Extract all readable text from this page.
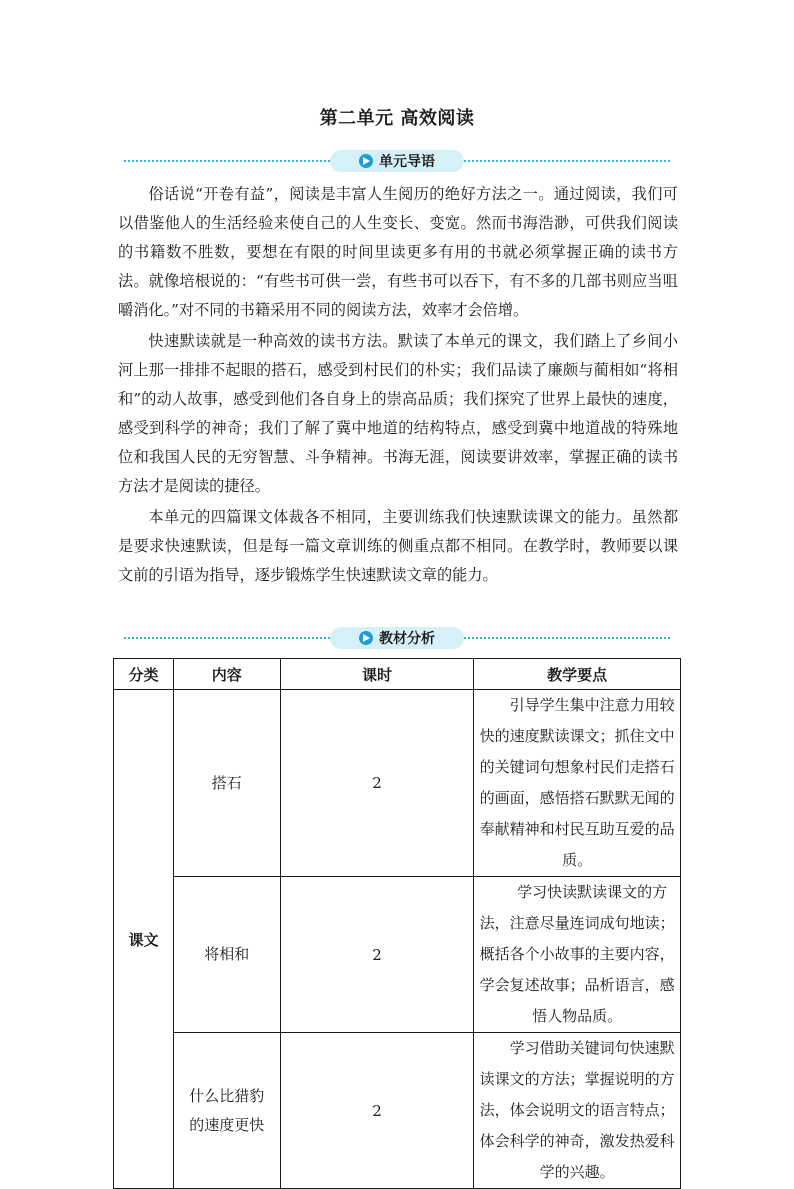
第二单元 高效阅读
单元导语

俗话说“开卷有益”，阅读是丰富人生阅历的绝好方法之一。通过阅读，我们可以借鉴他人的生活经验来使自己的人生变长、变宽。然而书海浩渺，可供我们阅读的书籍数不胜数，要想在有限的时间里读更多有用的书就必须掌握正确的读书方法。就像培根说的：“有些书可供一尝，有些书可以吞下，有不多的几部书则应当咀嚼消化。”对不同的书籍采用不同的阅读方法，效率才会倍增。

快速默读就是一种高效的读书方法。默读了本单元的课文，我们踏上了乡间小河上那一排排不起眼的搭石，感受到村民们的朴实；我们品读了廉颇与蔺相如“将相和”的动人故事，感受到他们各自身上的崇高品质；我们探究了世界上最快的速度，感受到科学的神奇；我们了解了冀中地道的结构特点，感受到冀中地道战的特殊地位和我国人民的无穷智慧、斗争精神。书海无涯，阅读要讲效率，掌握正确的读书方法才是阅读的捷径。

本单元的四篇课文体裁各不相同，主要训练我们快速默读课文的能力。虽然都是要求快速默读，但是每一篇文章训练的侧重点都不相同。在教学时，教师要以课文前的引语为指导，逐步锻炼学生快速默读文章的能力。

教材分析
分类	内容	课时	教学要点
课文	搭石	2	引导学生集中注意力用较快的速度默读课文；抓住文中的关键词句想象村民们走搭石的画面，感悟搭石默默无闻的奉献精神和村民互助互爱的品质。
	将相和	2	学习快读默读课文的方法，注意尽量连词成句地读；概括各个小故事的主要内容，学会复述故事；品析语言，感悟人物品质。
	什么比猎豹的速度更快	2	学习借助关键词句快速默读课文的方法；掌握说明的方法，体会说明文的语言特点；体会科学的神奇，激发热爱科学的兴趣。
